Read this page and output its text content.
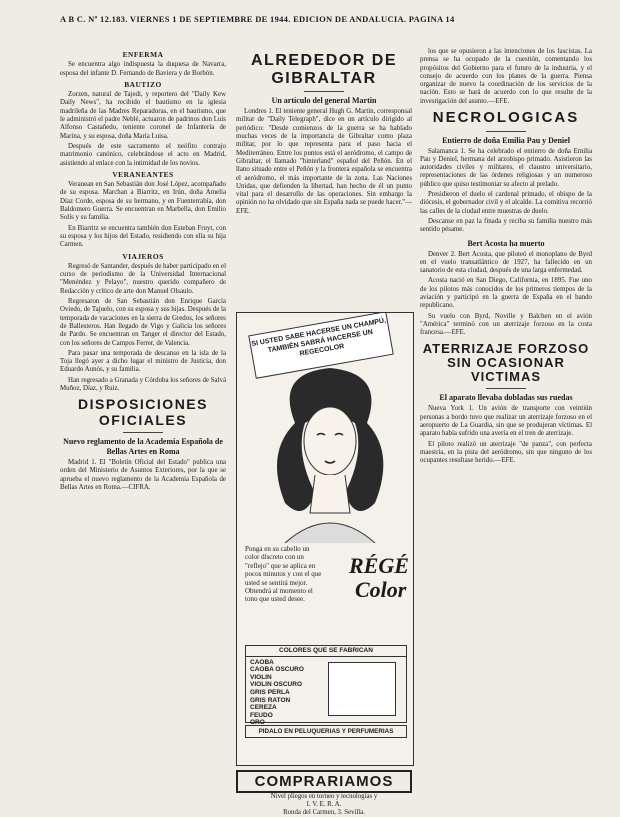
A B C. Nº 12.183. VIERNES 1 DE SEPTIEMBRE DE 1944. EDICION DE ANDALUCIA. PAGINA 14
ENFERMA

Se encuentra algo indispuesta la duquesa de Navarra, esposa del infante D. Fernando de Baviera y de Borbón.

BAUTIZO

Zorzen, natural de Tajedi, y reportero del "Daily Kew Daily News", ha recibido el bautismo en la iglesia madrileña de las Madres Reparadoras, en el bautismo, que le administró el padre Neblé, actuaron de padrinos don Luis Alfonso Castañedo, teniente coronel de Infantería de Marina, y su esposa, doña María Luisa.

Después de este sacramento el neófito contrajo matrimonio canónico, celebrándose el acto en Madrid, asistiendo al enlace con la intimidad de los novios.

VERANEANTES

Veranean en San Sebastián don José López, acompañado de su esposa. Marchan a Biarritz, en Irún, doña Amelia Díaz Corde, esposa de su hermano, y en Fuenterrabía, don Baldomero Guerra. Se encuentran en Marbella, don Emilio Solís y su familia.

En Biarritz se encuentra también don Esteban Fruyt, con su esposa y los hijos del Estado, residiendo con ella su hija Carmen.

VIAJEROS

Regresó de Santander, después de haber participado en el curso de periodismo de la Universidad Internacional "Menéndez y Pelayo", nuestro querido compañero de Redacción y crítico de arte don Manuel Olsaulo.

Regresaron de San Sebastián don Enrique García Oviedo, de Tajuelo, con su esposa y sus hijas. Después de la temporada de vacaciones en la sierra de Gredos, los señores de Ballesteros. Han llegado de Vigo y Galicia los señores de Pardo. Se encuentran en Tanger el director del Estado, con los señores de Campos Ferrer, de Valencia.

Para pasar una temporada de descanso en la isla de la Toja llegó ayer a dicho lugar el ministro de Justicia, don Eduardo Aunós, y su familia.

Han regresado a Granada y Córdoba los señores de Salvá Muñoz, Díaz, y Ruiz.

DISPOSICIONES OFICIALES
Nuevo reglamento de la Academia Española de Bellas Artes en Roma

Madrid 1. El "Boletín Oficial del Estado" publica una orden del Ministerio de Asuntos Exteriores, por la que se aprueba el nuevo reglamento de la Academia Española de Bellas Artes en Roma.—CIFRA.

ALREDEDOR DE GIBRALTAR
Un artículo del general Martin

Londres 1. El teniente general Hugh G. Martin, corresponsal militar de "Daily Telegraph", dice en un artículo dirigido al periódico: "Desde comienzos de la guerra se ha hablado muchas veces de la importancia de Gibraltar como plaza militar, por lo que representa para el paso hacia el Mediterráneo. Entre los puntos está el aeródromo, el campo de Gibraltar, el llamado "hinterland" español del Peñón. En el llano situado entre el Peñón y la frontera española se encuentra el aeródromo, el más importante de la zona. Las Naciones Unidas, que defienden la libertad, han hecho de él un punto vital para el desarrollo de las operaciones. Sin embargo la opinión no ha olvidado que sin España nada se puede hacer."—EFE.

los que se opusieron a las intenciones de los fascistas. La prensa se ha ocupado de la cuestión, comentando los propósitos del Gobierno para el futuro de la industria, y el consejo de acuerdo con los planes de la guerra. Piensa organizar de nuevo la coordinación de los servicios de la nación. Esto se hará de acuerdo con lo que resulte de la investigación del asunto.—EFE.

NECROLOGICAS
Entierro de doña Emilia Pau y Deniel

Salamanca 1. Se ha celebrado el entierro de doña Emilia Pau y Deniel, hermana del arzobispo primado. Asistieron las autoridades civiles y militares, el claustro universitario, representaciones de las órdenes religiosas y un numeroso público que quiso testimoniar su afecto al prelado.

Presidieron el duelo el cardenal primado, el obispo de la diócesis, el gobernador civil y el alcalde. La comitiva recorrió las calles de la ciudad entre muestras de duelo.

Descanse en paz la finada y reciba su familia nuestro más sentido pésame.

Bert Acosta ha muerto

Denver 2. Bert Acosta, que piloteó el monoplano de Byrd en el vuelo transatlántico de 1927, ha fallecido en un sanatorio de esta ciudad, después de una larga enfermedad.

Acosta nació en San Diego, California, en 1895. Fue uno de los pilotos más conocidos de los primeros tiempos de la aviación y participó en la guerra de España en el bando republicano.

Su vuelo con Byrd, Noville y Balchen en el avión "América" terminó con un aterrizaje forzoso en la costa francesa.—EFE.

ATERRIZAJE FORZOSO SIN OCASIONAR VICTIMAS
El aparato llevaba dobladas sus ruedas

Nueva York 1. Un avión de transporte con veintiún personas a bordo tuvo que realizar un aterrizaje forzoso en el aeropuerto de La Guardia, sin que se produjeran víctimas. El aparato había sufrido una avería en el tren de aterrizaje.

El piloto realizó un aterrizaje "de panza", con perfecta maestría, en la pista del aeródromo, sin que ninguno de los ocupantes resultase herido.—EFE.

SI USTED SABE HACERSE UN CHAMPÚ, TAMBIÉN SABRÁ HACERSE UN REGECOLOR
Ponga en su cabello un color discreto con un "reflejo" que se aplica en pocos minutos y con el que usted se sentirá mejor. Obtendrá al momento el tono que usted desee.
RÉGÉ
Color
COLORES QUE SE FABRICAN
CAOBA
CAOBA OSCURO
VIOLIN
VIOLIN OSCURO
GRIS PERLA
GRIS RATON
CEREZA
FEUDO
ORO
PIDALO EN PELUQUERIAS Y PERFUMERIAS
COMPRARIAMOS
Nivel pliegos en torneo y tecnologías y
I. V. E. R. A.
Ronda del Carmen, 3. Sevilla.
